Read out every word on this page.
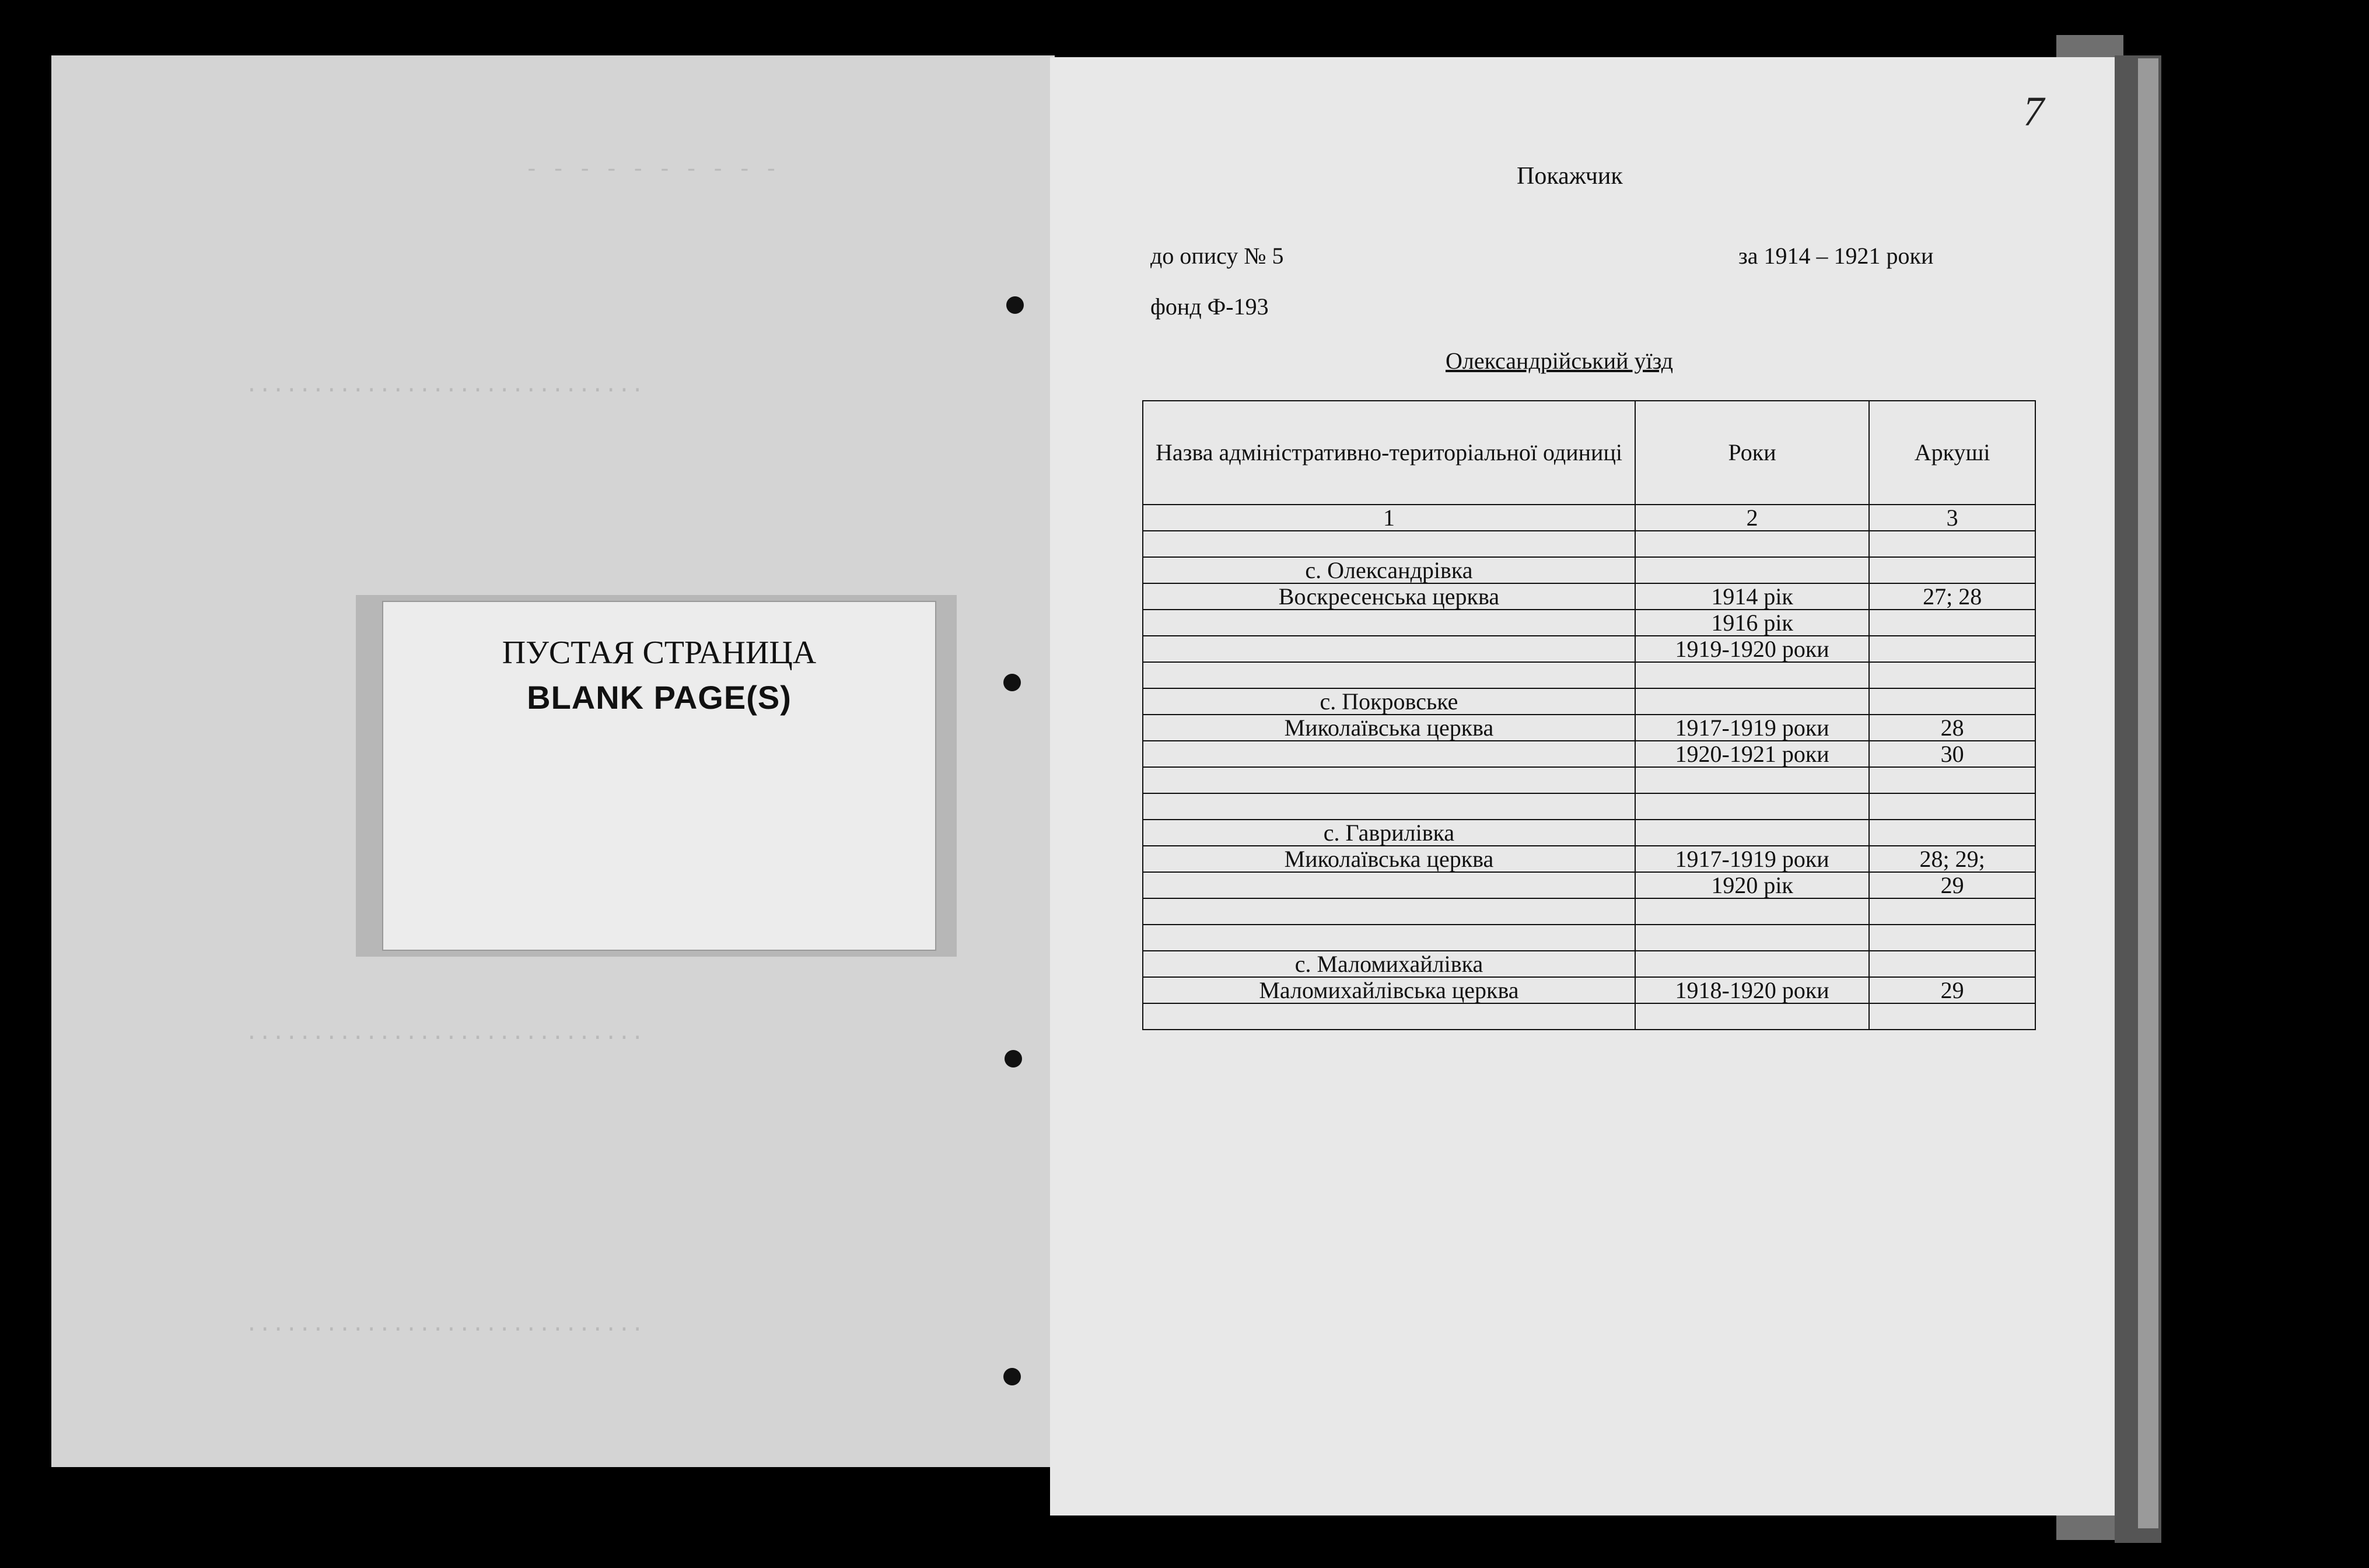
- - - - - - - - - -
..............................
..............................
..............................
ПУСТАЯ СТРАНИЦА
BLANK PAGE(S)
7
Покажчик
до опису № 5	за 1914 – 1921 роки
фонд Ф-193
Олександрійський уїзд
Назва адміністративно-територіальної одиниці	Роки	Аркуші
1	2	3

с. Олександрівка		
Воскресенська церква	1914 рік	27; 28
	1916 рік	
	1919-1920 роки	

с. Покровське		
Миколаївська церква	1917-1919 роки	28
	1920-1921 роки	30

с. Гаврилівка		
Миколаївська церква	1917-1919 роки	28; 29;
	1920 рік	29

с. Маломихайлівка		
Маломихайлівська церква	1918-1920 роки	29
